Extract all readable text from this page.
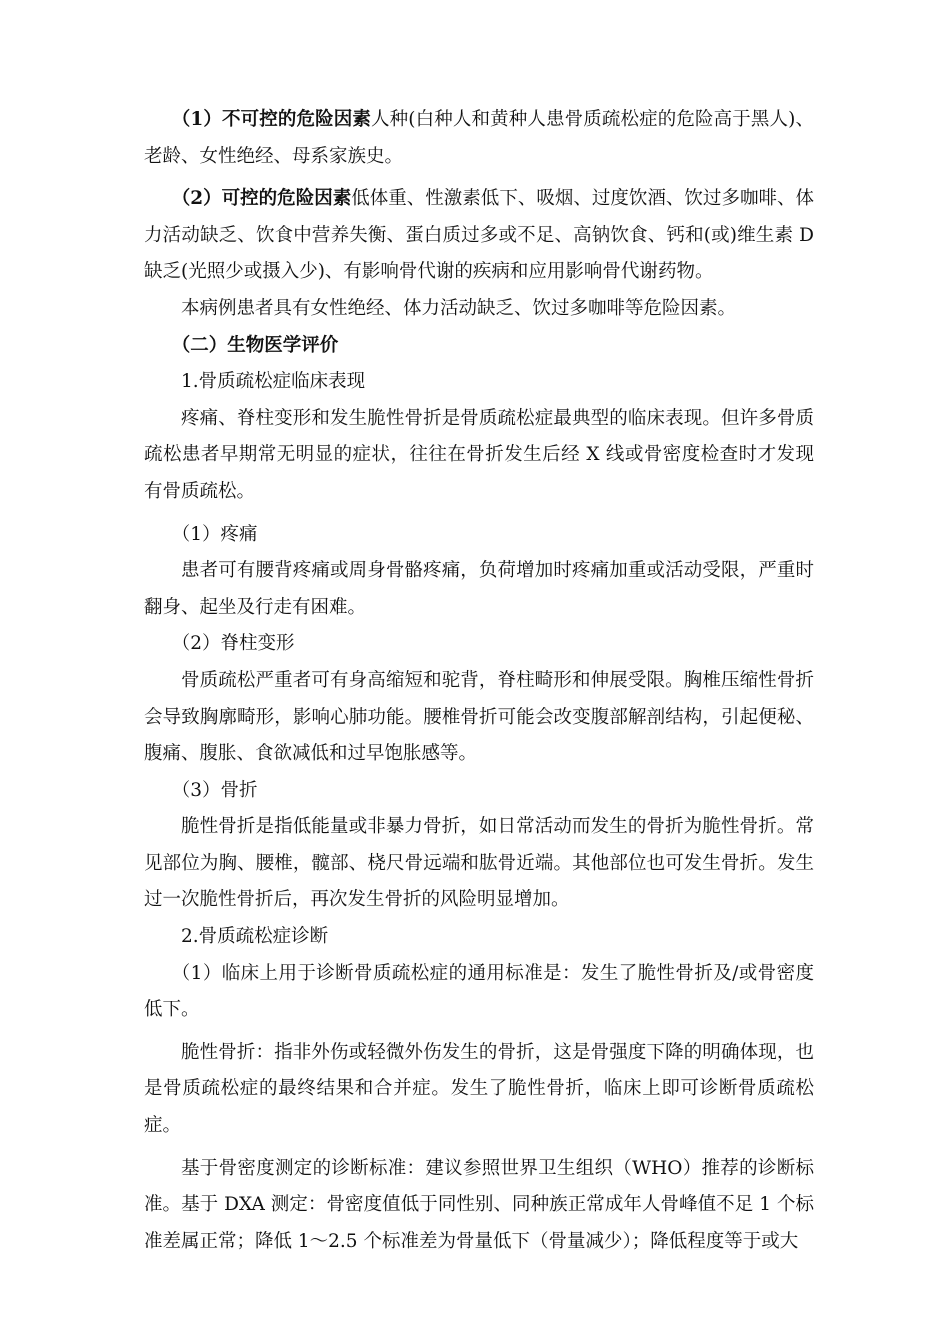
（1）不可控的危险因素人种(白种人和黄种人患骨质疏松症的危险高于黑人)、老龄、女性绝经、母系家族史。

（2）可控的危险因素低体重、性激素低下、吸烟、过度饮酒、饮过多咖啡、体力活动缺乏、饮食中营养失衡、蛋白质过多或不足、高钠饮食、钙和(或)维生素 D 缺乏(光照少或摄入少)、有影响骨代谢的疾病和应用影响骨代谢药物。

本病例患者具有女性绝经、体力活动缺乏、饮过多咖啡等危险因素。

（二）生物医学评价

1.骨质疏松症临床表现

疼痛、脊柱变形和发生脆性骨折是骨质疏松症最典型的临床表现。但许多骨质疏松患者早期常无明显的症状，往往在骨折发生后经 X 线或骨密度检查时才发现有骨质疏松。

（1）疼痛

患者可有腰背疼痛或周身骨骼疼痛，负荷增加时疼痛加重或活动受限，严重时翻身、起坐及行走有困难。

（2）脊柱变形

骨质疏松严重者可有身高缩短和驼背，脊柱畸形和伸展受限。胸椎压缩性骨折会导致胸廓畸形，影响心肺功能。腰椎骨折可能会改变腹部解剖结构，引起便秘、腹痛、腹胀、食欲减低和过早饱胀感等。

（3）骨折

脆性骨折是指低能量或非暴力骨折，如日常活动而发生的骨折为脆性骨折。常见部位为胸、腰椎，髋部、桡尺骨远端和肱骨近端。其他部位也可发生骨折。发生过一次脆性骨折后，再次发生骨折的风险明显增加。

2.骨质疏松症诊断

（1）临床上用于诊断骨质疏松症的通用标准是：发生了脆性骨折及/或骨密度低下。

脆性骨折：指非外伤或轻微外伤发生的骨折，这是骨强度下降的明确体现，也是骨质疏松症的最终结果和合并症。发生了脆性骨折，临床上即可诊断骨质疏松症。

基于骨密度测定的诊断标准：建议参照世界卫生组织（WHO）推荐的诊断标准。基于 DXA 测定：骨密度值低于同性别、同种族正常成年人骨峰值不足 1 个标准差属正常；降低 1～2.5 个标准差为骨量低下（骨量减少）；降低程度等于或大
